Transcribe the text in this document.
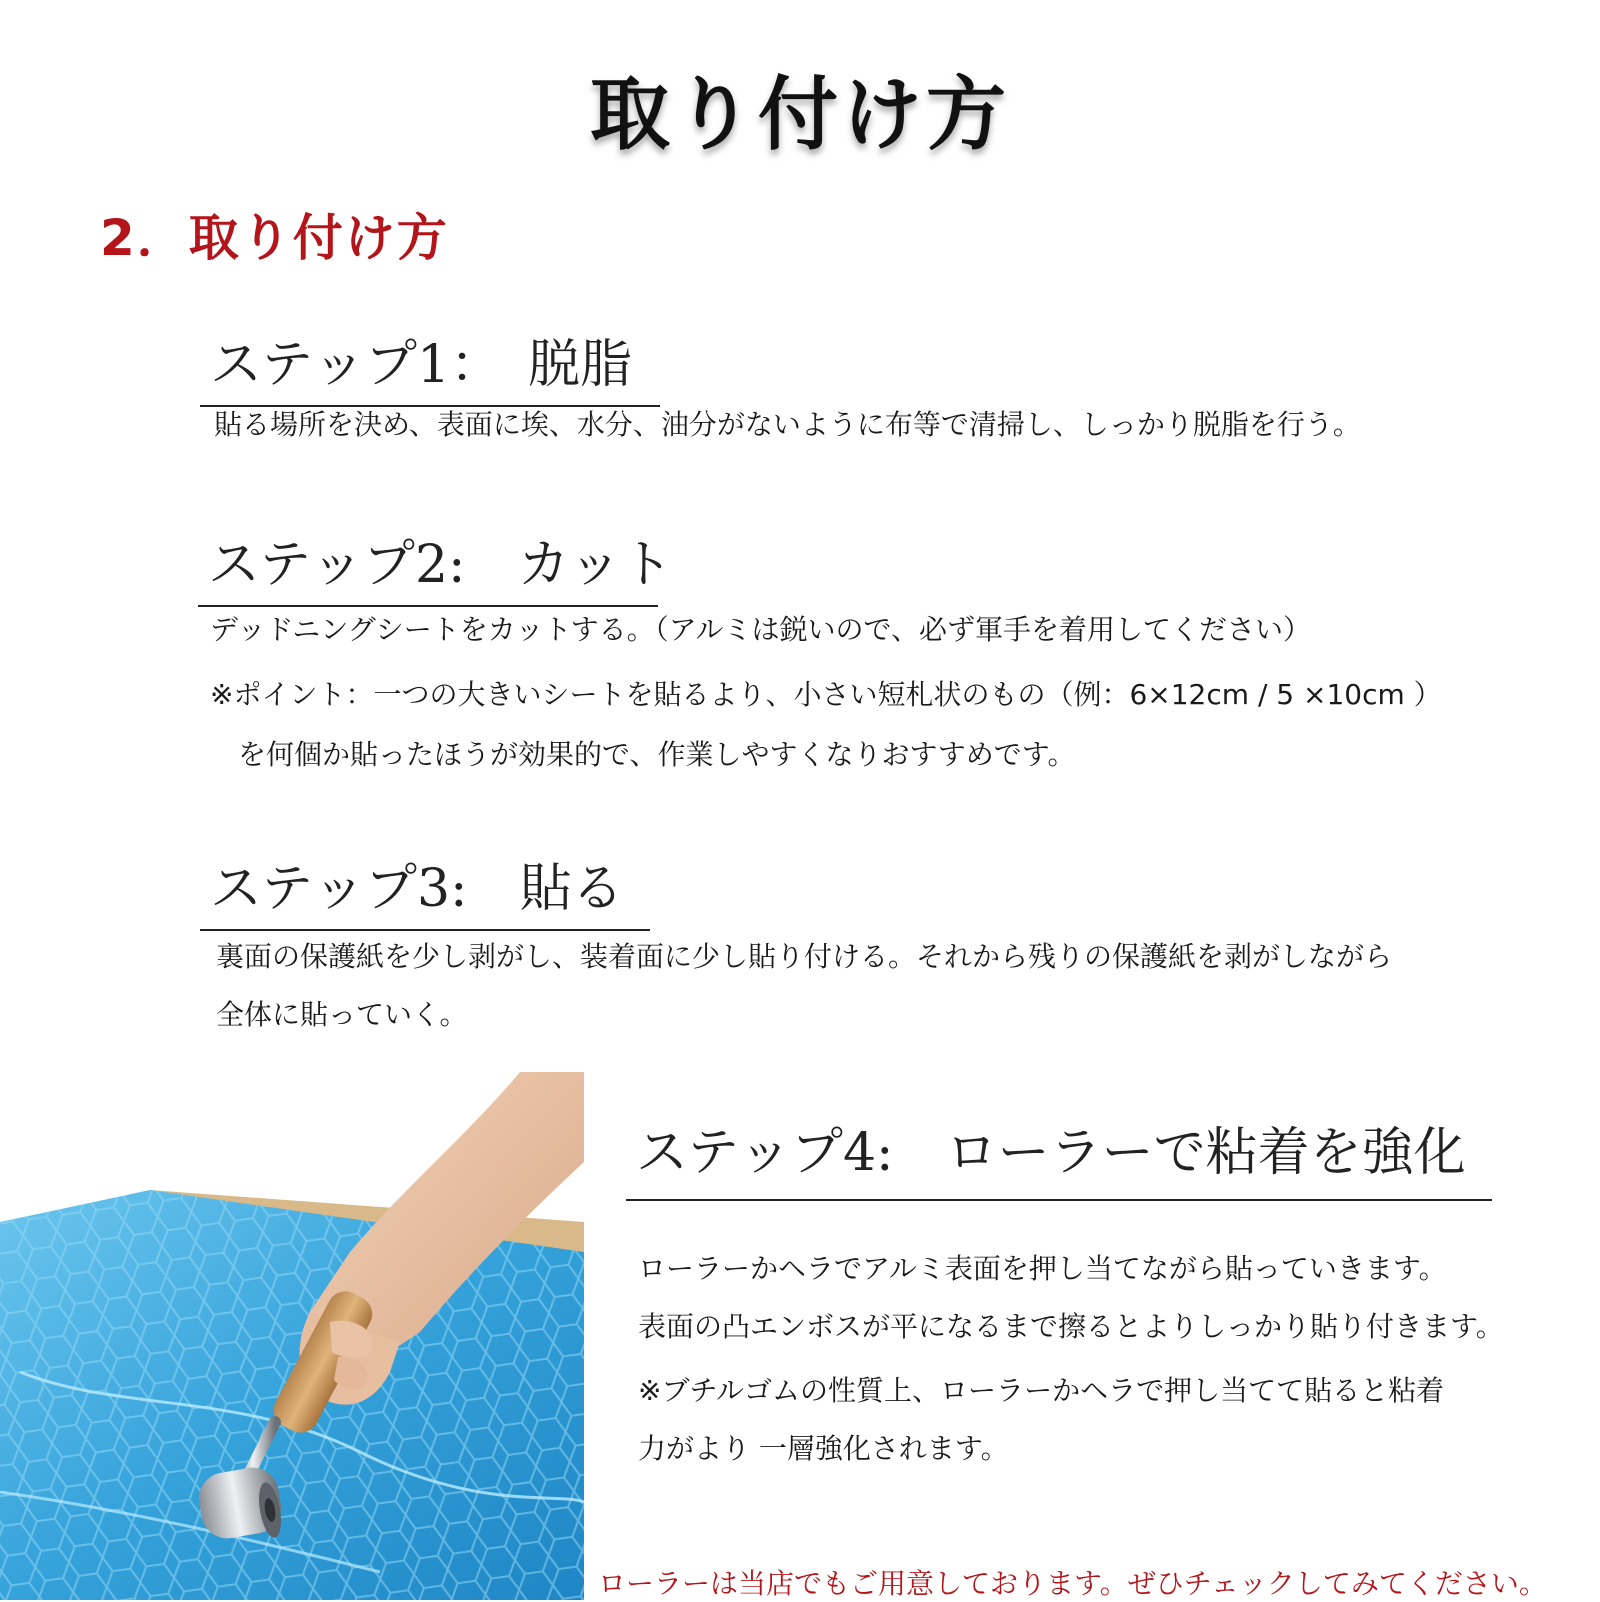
取り付け方
2．取り付け方
ステップ1：　脱脂
貼る場所を決め、表面に埃、水分、油分がないように布等で清掃し、しっかり脱脂を行う。
ステップ2:　カット
デッドニングシートをカットする。（アルミは鋭いので、必ず軍手を着用してください）
※ポイント：一つの大きいシートを貼るより、小さい短札状のもの（例：6×12cm / 5 ×10cm ）
　を何個か貼ったほうが効果的で、作業しやすくなりおすすめです。
ステップ3:　貼る
裏面の保護紙を少し剥がし、装着面に少し貼り付ける。それから残りの保護紙を剥がしながら
全体に貼っていく。
ステップ4:　ローラーで粘着を強化
ローラーかヘラでアルミ表面を押し当てながら貼っていきます。
表面の凸エンボスが平になるまで擦るとよりしっかり貼り付きます。
※ブチルゴムの性質上、ローラーかヘラで押し当てて貼ると粘着
力がより 一層強化されます。
ローラーは当店でもご用意しております。ぜひチェックしてみてください。
